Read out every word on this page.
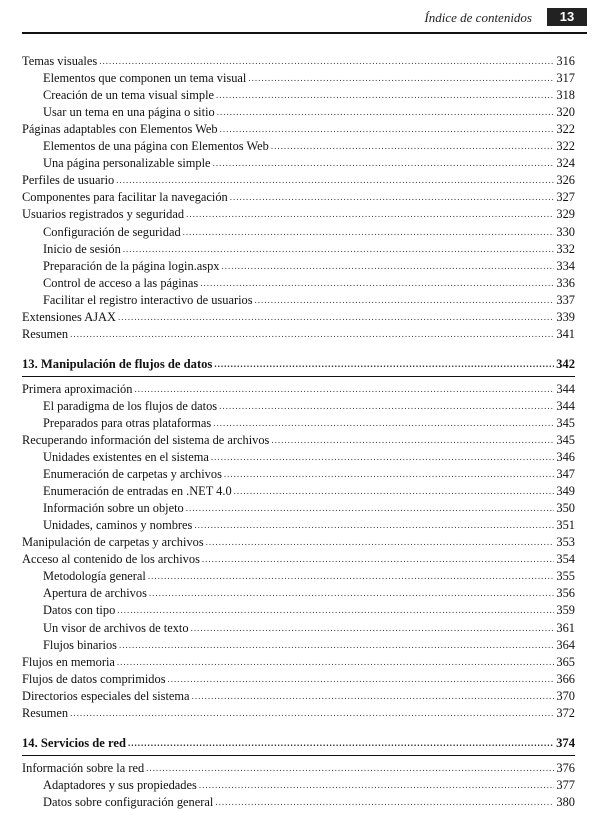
Índice de contenidos	13
Temas visuales .....	316
Elementos que componen un tema visual .....	317
Creación de un tema visual simple .....	318
Usar un tema en una página o sitio .....	320
Páginas adaptables con Elementos Web .....	322
Elementos de una página con Elementos Web .....	322
Una página personalizable simple .....	324
Perfiles de usuario .....	326
Componentes para facilitar la navegación .....	327
Usuarios registrados y seguridad .....	329
Configuración de seguridad .....	330
Inicio de sesión .....	332
Preparación de la página login.aspx .....	334
Control de acceso a las páginas .....	336
Facilitar el registro interactivo de usuarios .....	337
Extensiones AJAX .....	339
Resumen .....	341
13. Manipulación de flujos de datos .....	342
Primera aproximación .....	344
El paradigma de los flujos de datos .....	344
Preparados para otras plataformas .....	345
Recuperando información del sistema de archivos .....	345
Unidades existentes en el sistema .....	346
Enumeración de carpetas y archivos .....	347
Enumeración de entradas en .NET 4.0 .....	349
Información sobre un objeto .....	350
Unidades, caminos y nombres .....	351
Manipulación de carpetas y archivos .....	353
Acceso al contenido de los archivos .....	354
Metodología general .....	355
Apertura de archivos .....	356
Datos con tipo .....	359
Un visor de archivos de texto .....	361
Flujos binarios .....	364
Flujos en memoria .....	365
Flujos de datos comprimidos .....	366
Directorios especiales del sistema .....	370
Resumen .....	372
14. Servicios de red .....	374
Información sobre la red .....	376
Adaptadores y sus propiedades .....	377
Datos sobre configuración general .....	380
